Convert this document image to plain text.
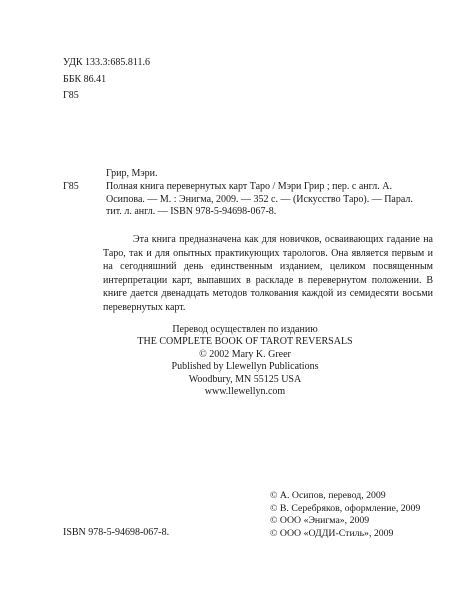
УДК 133.3:685.811.6
ББК 86.41
Г85
Грир, Мэри.
Г85	Полная книга перевернутых карт Таро / Мэри Грир ; пер. с англ. А. Осипова. — М. : Энигма, 2009. — 352 с. — (Искусство Таро). — Парал. тит. л. англ. — ISBN 978-5-94698-067-8.

Эта книга предназначена как для новичков, осваивающих гадание на Таро, так и для опытных практикующих тарологов. Она является первым и на сегодняшний день единственным изданием, целиком посвященным интерпретации карт, выпавших в раскладе в перевернутом положении. В книге дается двенадцать методов толкования каждой из семидесяти восьми перевернутых карт.

Перевод осуществлен по изданию
THE COMPLETE BOOK OF TAROT REVERSALS
© 2002 Mary K. Greer
Published by Llewellyn Publications
Woodbury, MN 55125 USA
www.llewellyn.com
ISBN 978-5-94698-067-8.
© А. Осипов, перевод, 2009
© В. Серебряков, оформление, 2009
© ООО «Энигма», 2009
© ООО «ОДДИ-Стиль», 2009
